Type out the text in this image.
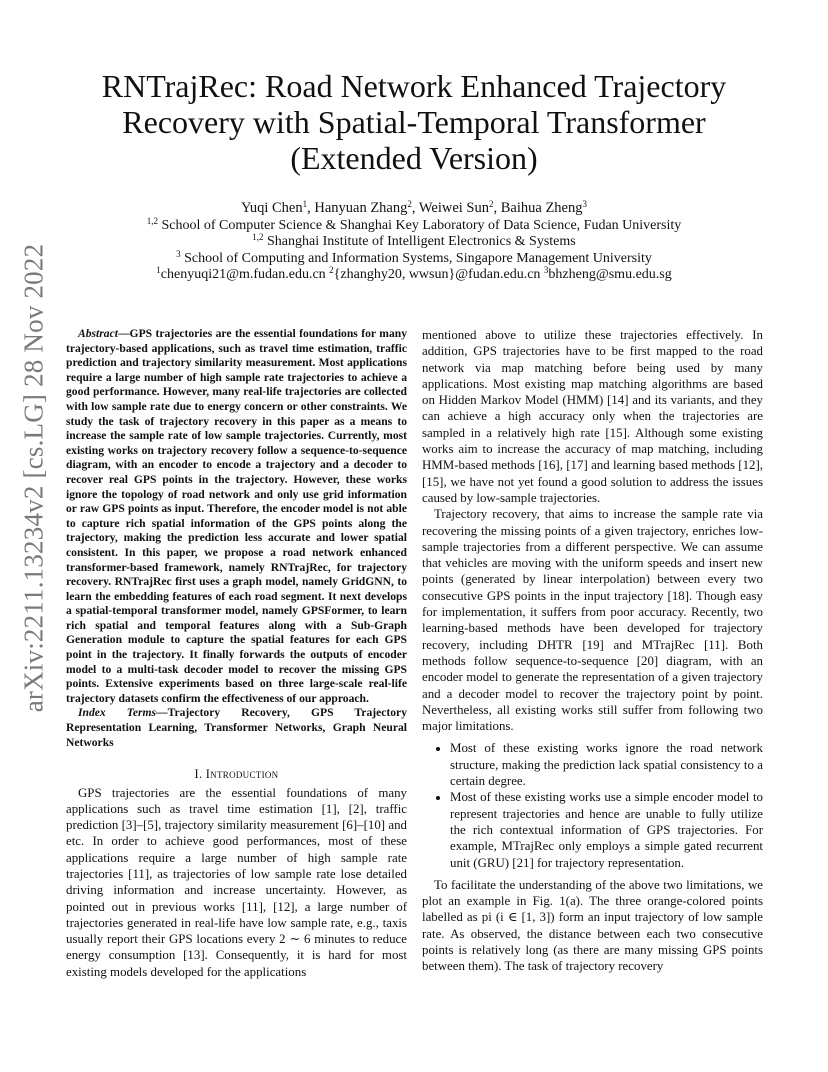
arXiv:2211.13234v2 [cs.LG] 28 Nov 2022
RNTrajRec: Road Network Enhanced Trajectory
Recovery with Spatial-Temporal Transformer
(Extended Version)
Yuqi Chen$^1$, Hanyuan Zhang$^2$, Weiwei Sun$^2$, Baihua Zheng$^3$
$^{1,2}$ School of Computer Science & Shanghai Key Laboratory of Data Science, Fudan University
$^{1,2}$ Shanghai Institute of Intelligent Electronics & Systems
$^3$ School of Computing and Information Systems, Singapore Management University
$^1$chenyuqi21@m.fudan.edu.cn $^2${zhanghy20, wwsun}@fudan.edu.cn $^3$bhzheng@smu.edu.sg

Abstract—GPS trajectories are the essential foundations for many trajectory-based applications, such as travel time estimation, traffic prediction and trajectory similarity measurement. Most applications require a large number of high sample rate trajectories to achieve a good performance. However, many real-life trajectories are collected with low sample rate due to energy concern or other constraints. We study the task of trajectory recovery in this paper as a means to increase the sample rate of low sample trajectories. Currently, most existing works on trajectory recovery follow a sequence-to-sequence diagram, with an encoder to encode a trajectory and a decoder to recover real GPS points in the trajectory. However, these works ignore the topology of road network and only use grid information or raw GPS points as input. Therefore, the encoder model is not able to capture rich spatial information of the GPS points along the trajectory, making the prediction less accurate and lower spatial consistent. In this paper, we propose a road network enhanced transformer-based framework, namely RNTrajRec, for trajectory recovery. RNTrajRec first uses a graph model, namely GridGNN, to learn the embedding features of each road segment. It next develops a spatial-temporal transformer model, namely GPSFormer, to learn rich spatial and temporal features along with a Sub-Graph Generation module to capture the spatial features for each GPS point in the trajectory. It finally forwards the outputs of encoder model to a multi-task decoder model to recover the missing GPS points. Extensive experiments based on three large-scale real-life trajectory datasets confirm the effectiveness of our approach.

Index Terms—Trajectory Recovery, GPS Trajectory Representation Learning, Transformer Networks, Graph Neural Networks

I. Introduction

GPS trajectories are the essential foundations of many applications such as travel time estimation [1], [2], traffic prediction [3]–[5], trajectory similarity measurement [6]–[10] and etc. In order to achieve good performances, most of these applications require a large number of high sample rate trajectories [11], as trajectories of low sample rate lose detailed driving information and increase uncertainty. However, as pointed out in previous works [11], [12], a large number of trajectories generated in real-life have low sample rate, e.g., taxis usually report their GPS locations every 2 ∼ 6 minutes to reduce energy consumption [13]. Consequently, it is hard for most existing models developed for the applications

mentioned above to utilize these trajectories effectively. In addition, GPS trajectories have to be first mapped to the road network via map matching before being used by many applications. Most existing map matching algorithms are based on Hidden Markov Model (HMM) [14] and its variants, and they can achieve a high accuracy only when the trajectories are sampled in a relatively high rate [15]. Although some existing works aim to increase the accuracy of map matching, including HMM-based methods [16], [17] and learning based methods [12], [15], we have not yet found a good solution to address the issues caused by low-sample trajectories.

Trajectory recovery, that aims to increase the sample rate via recovering the missing points of a given trajectory, enriches low-sample trajectories from a different perspective. We can assume that vehicles are moving with the uniform speeds and insert new points (generated by linear interpolation) between every two consecutive GPS points in the input trajectory [18]. Though easy for implementation, it suffers from poor accuracy. Recently, two learning-based methods have been developed for trajectory recovery, including DHTR [19] and MTrajRec [11]. Both methods follow sequence-to-sequence [20] diagram, with an encoder model to generate the representation of a given trajectory and a decoder model to recover the trajectory point by point. Nevertheless, all existing works still suffer from following two major limitations.

• Most of these existing works ignore the road network structure, making the prediction lack spatial consistency to a certain degree.
• Most of these existing works use a simple encoder model to represent trajectories and hence are unable to fully utilize the rich contextual information of GPS trajectories. For example, MTrajRec only employs a simple gated recurrent unit (GRU) [21] for trajectory representation.

To facilitate the understanding of the above two limitations, we plot an example in Fig. 1(a). The three orange-colored points labelled as pi (i ∈ [1, 3]) form an input trajectory of low sample rate. As observed, the distance between each two consecutive points is relatively long (as there are many missing GPS points between them). The task of trajectory recovery
